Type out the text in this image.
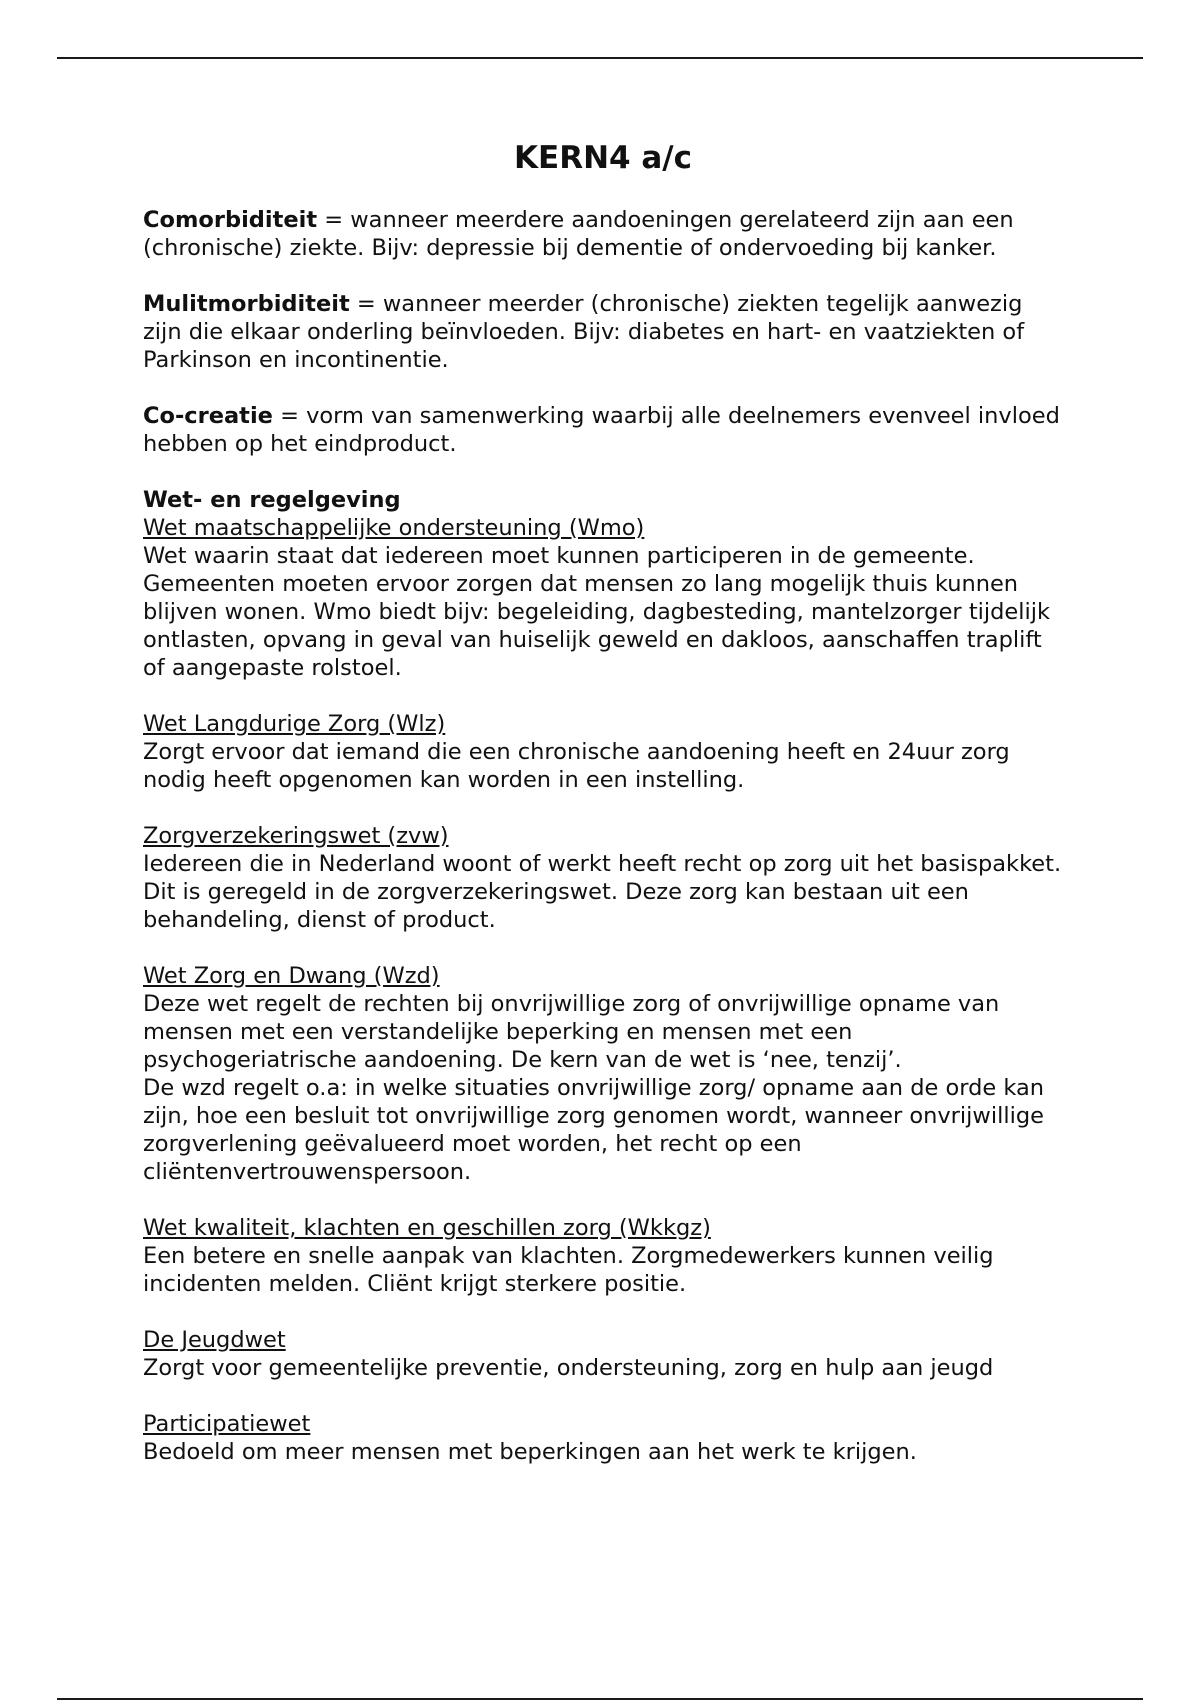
KERN4 a/c

Comorbiditeit = wanneer meerdere aandoeningen gerelateerd zijn aan een (chronische) ziekte. Bijv: depressie bij dementie of ondervoeding bij kanker.

Mulitmorbiditeit = wanneer meerder (chronische) ziekten tegelijk aanwezig zijn die elkaar onderling beïnvloeden. Bijv: diabetes en hart- en vaatziekten of Parkinson en incontinentie.

Co-creatie = vorm van samenwerking waarbij alle deelnemers evenveel invloed hebben op het eindproduct.

Wet- en regelgeving
Wet maatschappelijke ondersteuning (Wmo)
Wet waarin staat dat iedereen moet kunnen participeren in de gemeente. Gemeenten moeten ervoor zorgen dat mensen zo lang mogelijk thuis kunnen blijven wonen. Wmo biedt bijv: begeleiding, dagbesteding, mantelzorger tijdelijk ontlasten, opvang in geval van huiselijk geweld en dakloos, aanschaffen traplift of aangepaste rolstoel.

Wet Langdurige Zorg (Wlz)
Zorgt ervoor dat iemand die een chronische aandoening heeft en 24uur zorg nodig heeft opgenomen kan worden in een instelling.

Zorgverzekeringswet (zvw)
Iedereen die in Nederland woont of werkt heeft recht op zorg uit het basispakket. Dit is geregeld in de zorgverzekeringswet. Deze zorg kan bestaan uit een behandeling, dienst of product.

Wet Zorg en Dwang (Wzd)
Deze wet regelt de rechten bij onvrijwillige zorg of onvrijwillige opname van mensen met een verstandelijke beperking en mensen met een psychogeriatrische aandoening. De kern van de wet is ‘nee, tenzij’.
De wzd regelt o.a: in welke situaties onvrijwillige zorg/ opname aan de orde kan zijn, hoe een besluit tot onvrijwillige zorg genomen wordt, wanneer onvrijwillige zorgverlening geëvalueerd moet worden, het recht op een cliëntenvertrouwenspersoon.

Wet kwaliteit, klachten en geschillen zorg (Wkkgz)
Een betere en snelle aanpak van klachten. Zorgmedewerkers kunnen veilig incidenten melden. Cliënt krijgt sterkere positie.

De Jeugdwet
Zorgt voor gemeentelijke preventie, ondersteuning, zorg en hulp aan jeugd

Participatiewet
Bedoeld om meer mensen met beperkingen aan het werk te krijgen.
